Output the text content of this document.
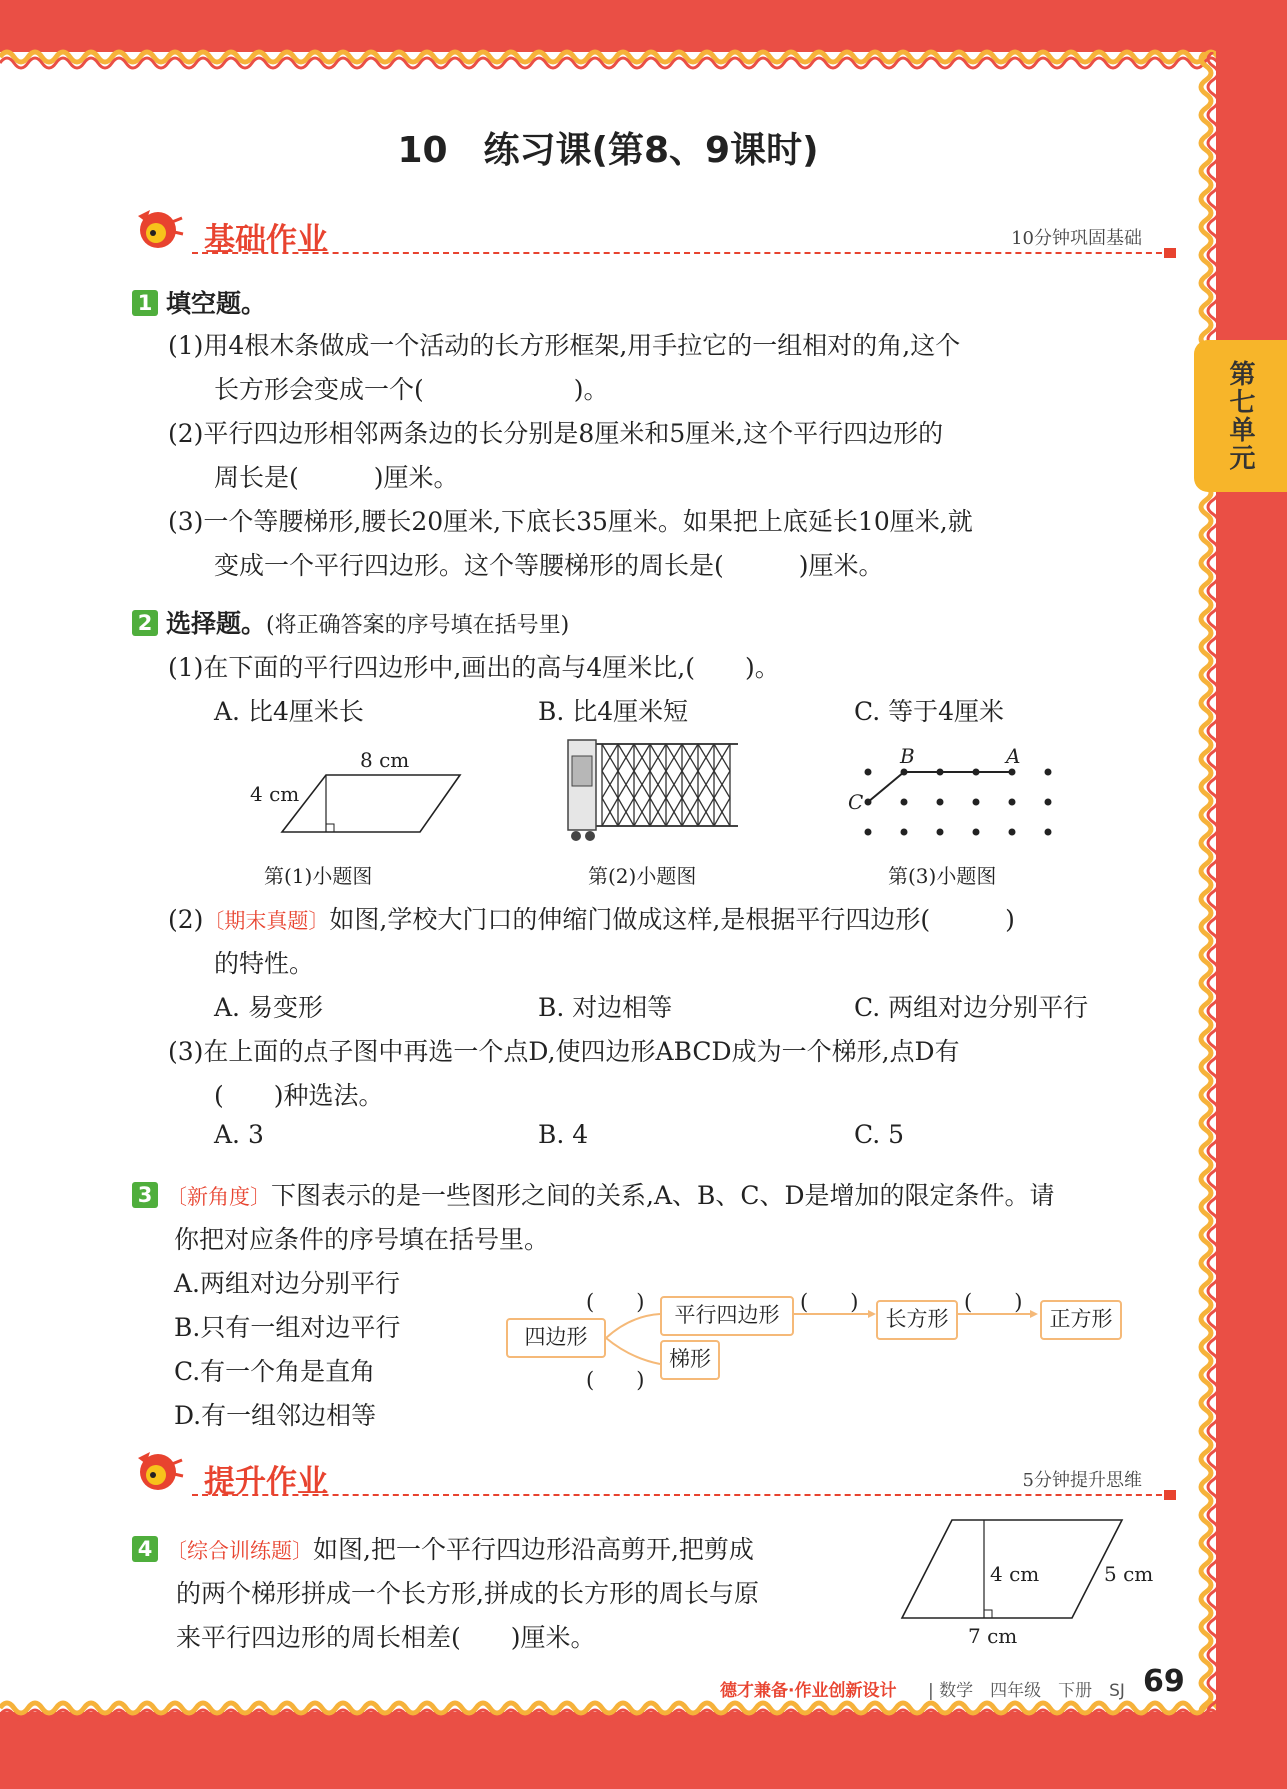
第七单元
10　练习课(第8、9课时)
基础作业	10分钟巩固基础
1 填空题。
(1)用4根木条做成一个活动的长方形框架,用手拉它的一组相对的角,这个
长方形会变成一个(　　　　　　)。
(2)平行四边形相邻两条边的长分别是8厘米和5厘米,这个平行四边形的
周长是(　　　)厘米。
(3)一个等腰梯形,腰长20厘米,下底长35厘米。如果把上底延长10厘米,就
变成一个平行四边形。这个等腰梯形的周长是(　　　)厘米。
2 选择题。(将正确答案的序号填在括号里)
(1)在下面的平行四边形中,画出的高与4厘米比,(　　)。
A. 比4厘米长	B. 比4厘米短	C. 等于4厘米
8 cm
4 cm
第(1)小题图	第(2)小题图
B	A
C
第(3)小题图
(2)〔期末真题〕如图,学校大门口的伸缩门做成这样,是根据平行四边形(　　　)
的特性。
A. 易变形	B. 对边相等	C. 两组对边分别平行
(3)在上面的点子图中再选一个点D,使四边形ABCD成为一个梯形,点D有
(　　)种选法。
A. 3	B. 4	C. 5
3 〔新角度〕下图表示的是一些图形之间的关系,A、B、C、D是增加的限定条件。请
你把对应条件的序号填在括号里。
A.两组对边分别平行
B.只有一组对边平行
C.有一个角是直角
D.有一组邻边相等
四边形
平行四边形	长方形	正方形
梯形
(　　)	(　　)	(　　)
(　　)
提升作业	5分钟提升思维
4 〔综合训练题〕如图,把一个平行四边形沿高剪开,把剪成
的两个梯形拼成一个长方形,拼成的长方形的周长与原
来平行四边形的周长相差(　　)厘米。
4 cm	5 cm
7 cm
德才兼备·作业创新设计 | 数学　四年级　下册　SJ 69
